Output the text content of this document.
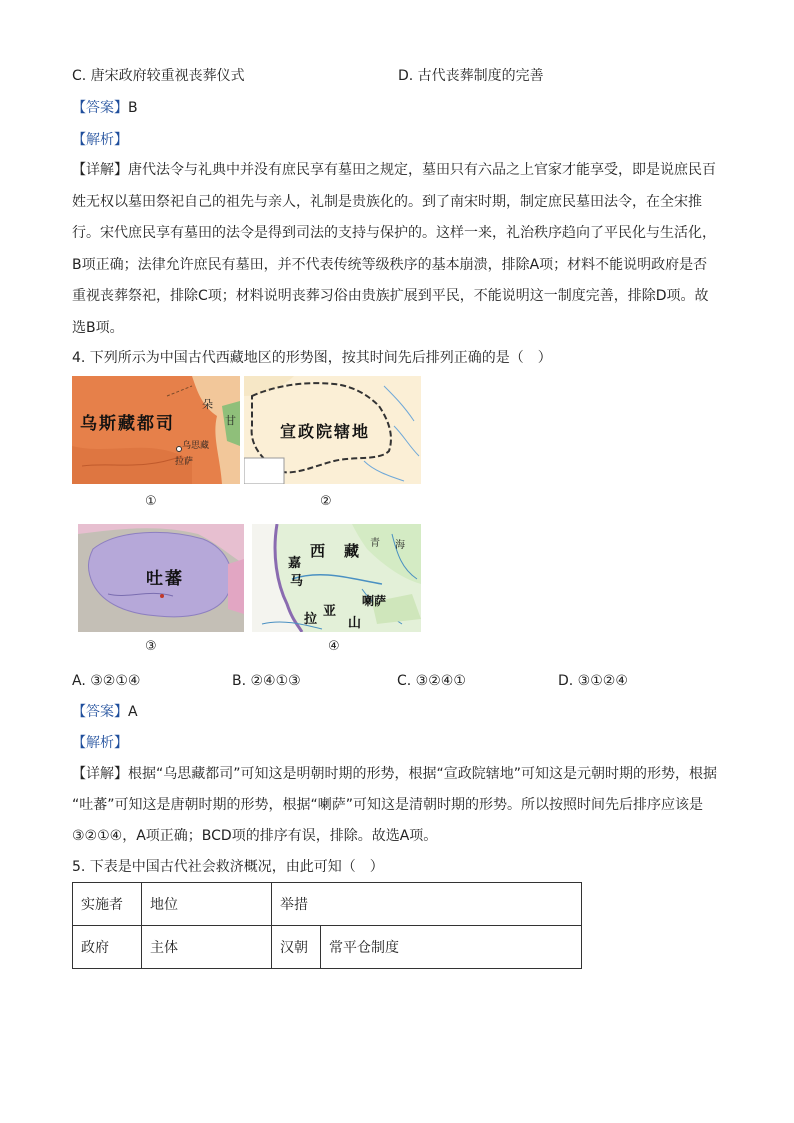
C. 唐宋政府较重视丧葬仪式	D. 古代丧葬制度的完善
【答案】B
【解析】
【详解】唐代法令与礼典中并没有庶民享有墓田之规定，墓田只有六品之上官家才能享受，即是说庶民百
姓无权以墓田祭祀自己的祖先与亲人，礼制是贵族化的。到了南宋时期，制定庶民墓田法令，在全宋推
行。宋代庶民享有墓田的法令是得到司法的支持与保护的。这样一来，礼治秩序趋向了平民化与生活化，
B项正确；法律允许庶民有墓田，并不代表传统等级秩序的基本崩溃，排除A项；材料不能说明政府是否
重视丧葬祭祀，排除C项；材料说明丧葬习俗由贵族扩展到平民，不能说明这一制度完善，排除D项。故
选B项。
4. 下列所示为中国古代西藏地区的形势图，按其时间先后排列正确的是（　）
乌斯藏都司
乌思藏
拉萨
朵
甘
①
宣政院辖地
②
吐蕃
③
西　藏
喇萨
嘉
马
拉
亚
山
青 海
④
A. ③②①④	B. ②④①③	C. ③②④①	D. ③①②④
【答案】A
【解析】
【详解】根据“乌思藏都司”可知这是明朝时期的形势，根据“宣政院辖地”可知这是元朝时期的形势，根据
“吐蕃”可知这是唐朝时期的形势，根据“喇萨”可知这是清朝时期的形势。所以按照时间先后排序应该是
③②①④，A项正确；BCD项的排序有误，排除。故选A项。
5. 下表是中国古代社会救济概况，由此可知（　）
实施者	地位	举措	
政府	主体	汉朝	常平仓制度
